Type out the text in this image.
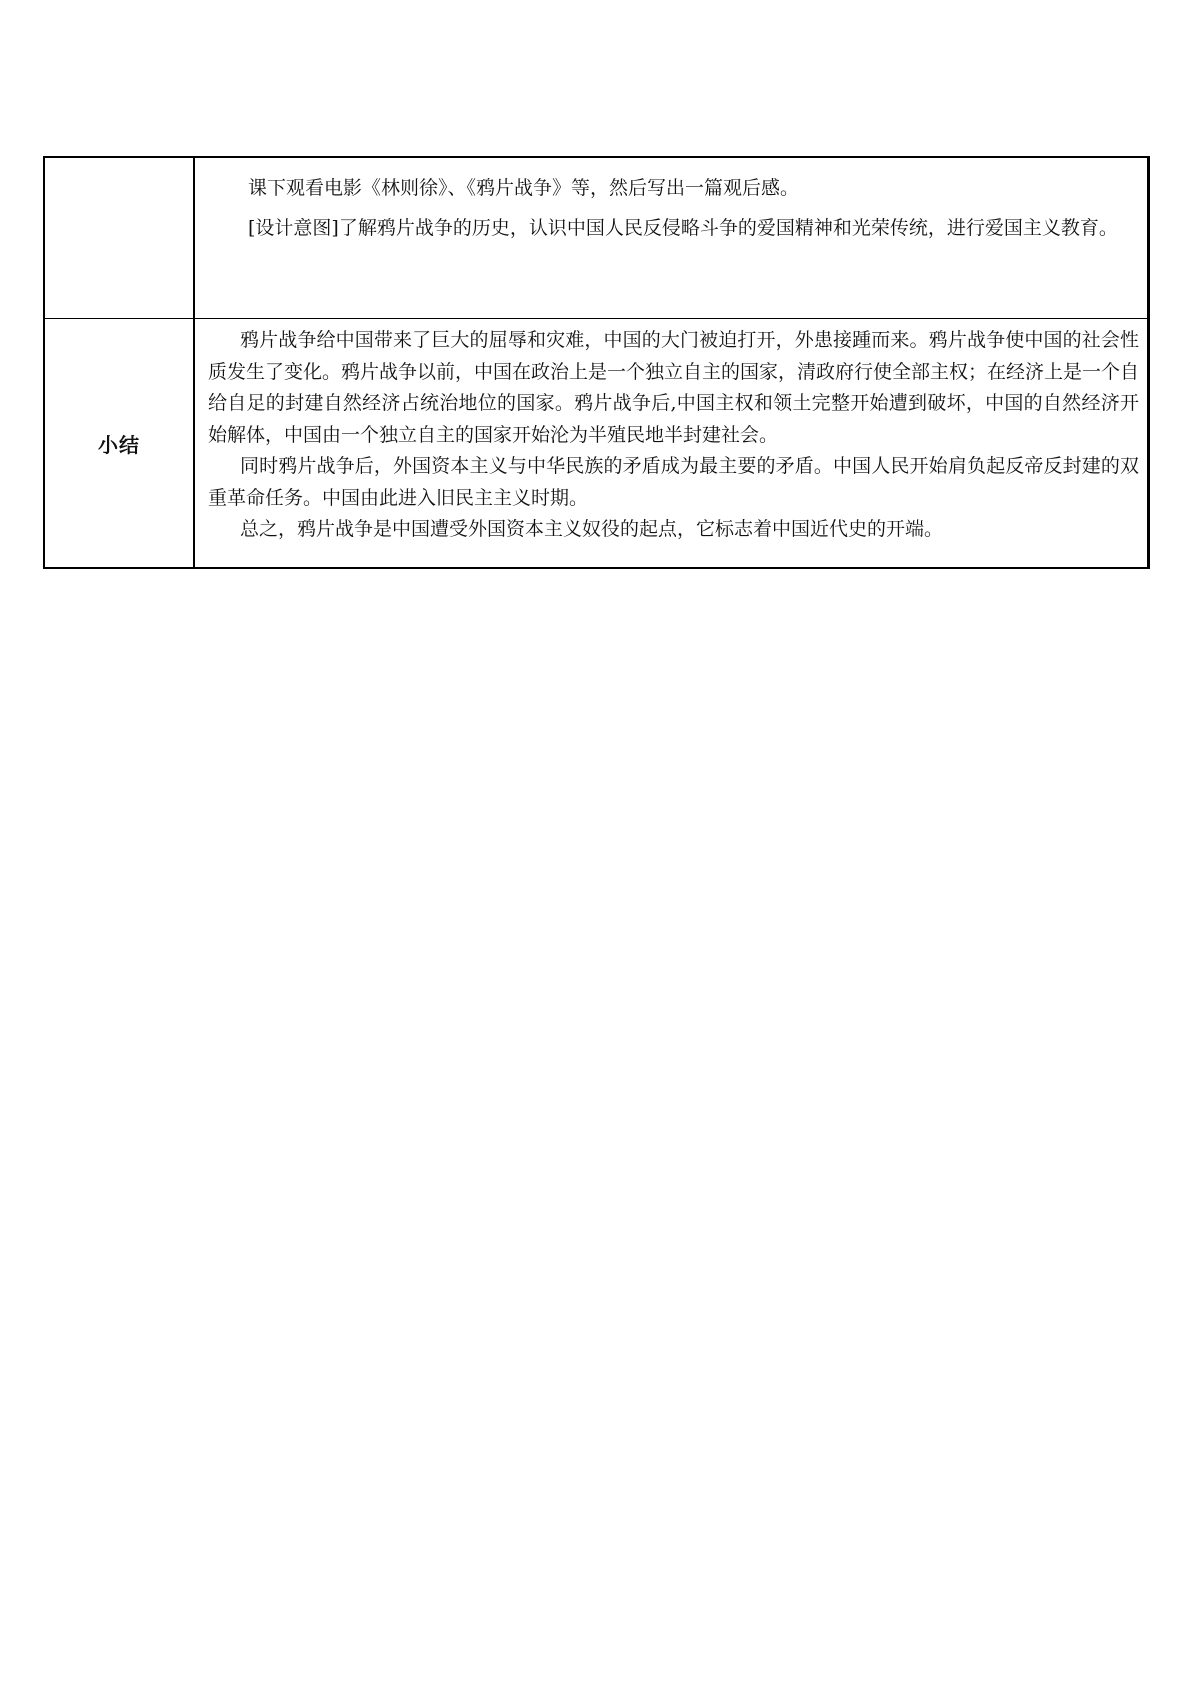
	课下观看电影《林则徐》、《鸦片战争》等，然后写出一篇观后感。

[设计意图]了解鸦片战争的历史，认识中国人民反侵略斗争的爱国精神和光荣传统，进行爱国主义教育。

小结	鸦片战争给中国带来了巨大的屈辱和灾难，中国的大门被迫打开，外患接踵而来。鸦片战争使中国的社会性质发生了变化。鸦片战争以前，中国在政治上是一个独立自主的国家，清政府行使全部主权；在经济上是一个自给自足的封建自然经济占统治地位的国家。鸦片战争后,中国主权和领土完整开始遭到破坏，中国的自然经济开始解体，中国由一个独立自主的国家开始沦为半殖民地半封建社会。

同时鸦片战争后，外国资本主义与中华民族的矛盾成为最主要的矛盾。中国人民开始肩负起反帝反封建的双重革命任务。中国由此进入旧民主主义时期。

总之，鸦片战争是中国遭受外国资本主义奴役的起点，它标志着中国近代史的开端。
